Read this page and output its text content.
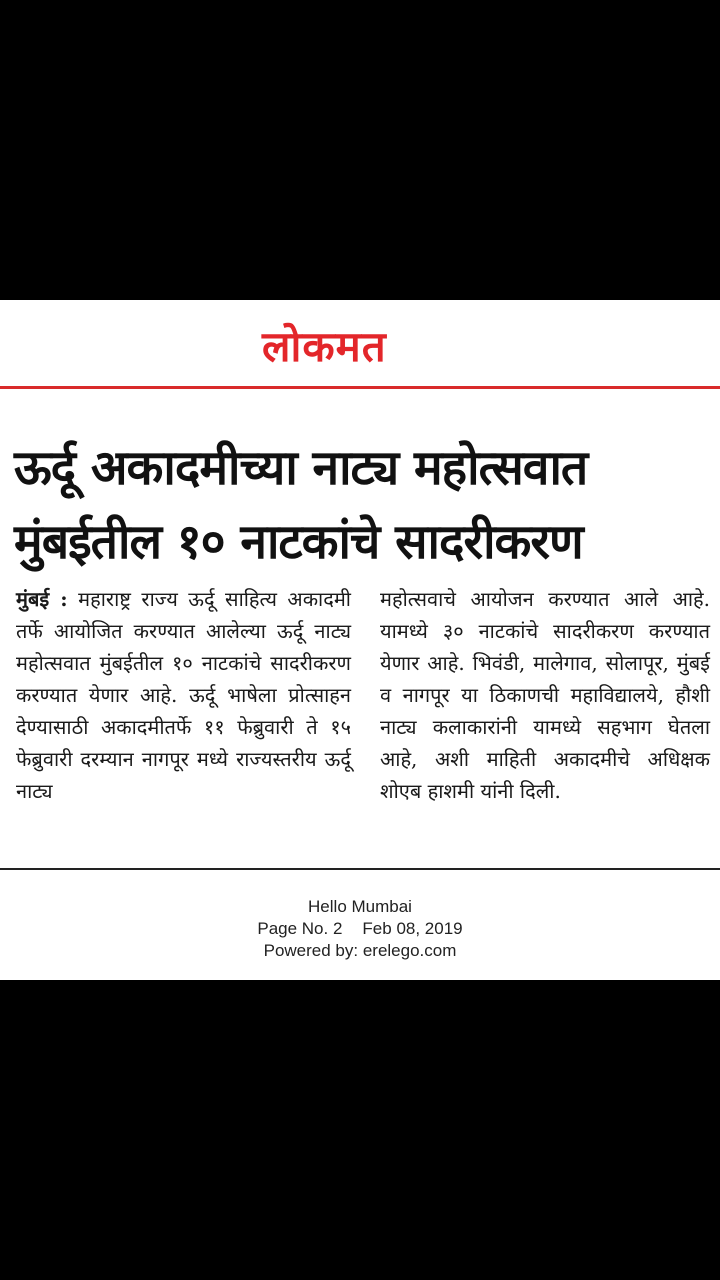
लोकमत
ऊर्दू अकादमीच्या नाट्य महोत्सवात
मुंबईतील १० नाटकांचे सादरीकरण
मुंबई : महाराष्ट्र राज्य ऊर्दू साहित्य अकादमी तर्फे आयोजित करण्यात आलेल्या ऊर्दू नाट्य महोत्सवात मुंबईतील १० नाटकांचे सादरीकरण करण्यात येणार आहे. ऊर्दू भाषेला प्रोत्साहन देण्यासाठी अकादमीतर्फे ११ फेब्रुवारी ते १५ फेब्रुवारी दरम्यान नागपूर मध्ये राज्यस्तरीय ऊर्दू नाट्य
महोत्सवाचे आयोजन करण्यात आले आहे. यामध्ये ३० नाटकांचे सादरीकरण करण्यात येणार आहे. भिवंडी, मालेगाव, सोलापूर, मुंबई व नागपूर या ठिकाणची महाविद्यालये, हौशी नाट्य कलाकारांनी यामध्ये सहभाग घेतला आहे, अशी माहिती अकादमीचे अधिक्षक शोएब हाशमी यांनी दिली.
Hello Mumbai
Page No. 2 Feb 08, 2019
Powered by: erelego.com
